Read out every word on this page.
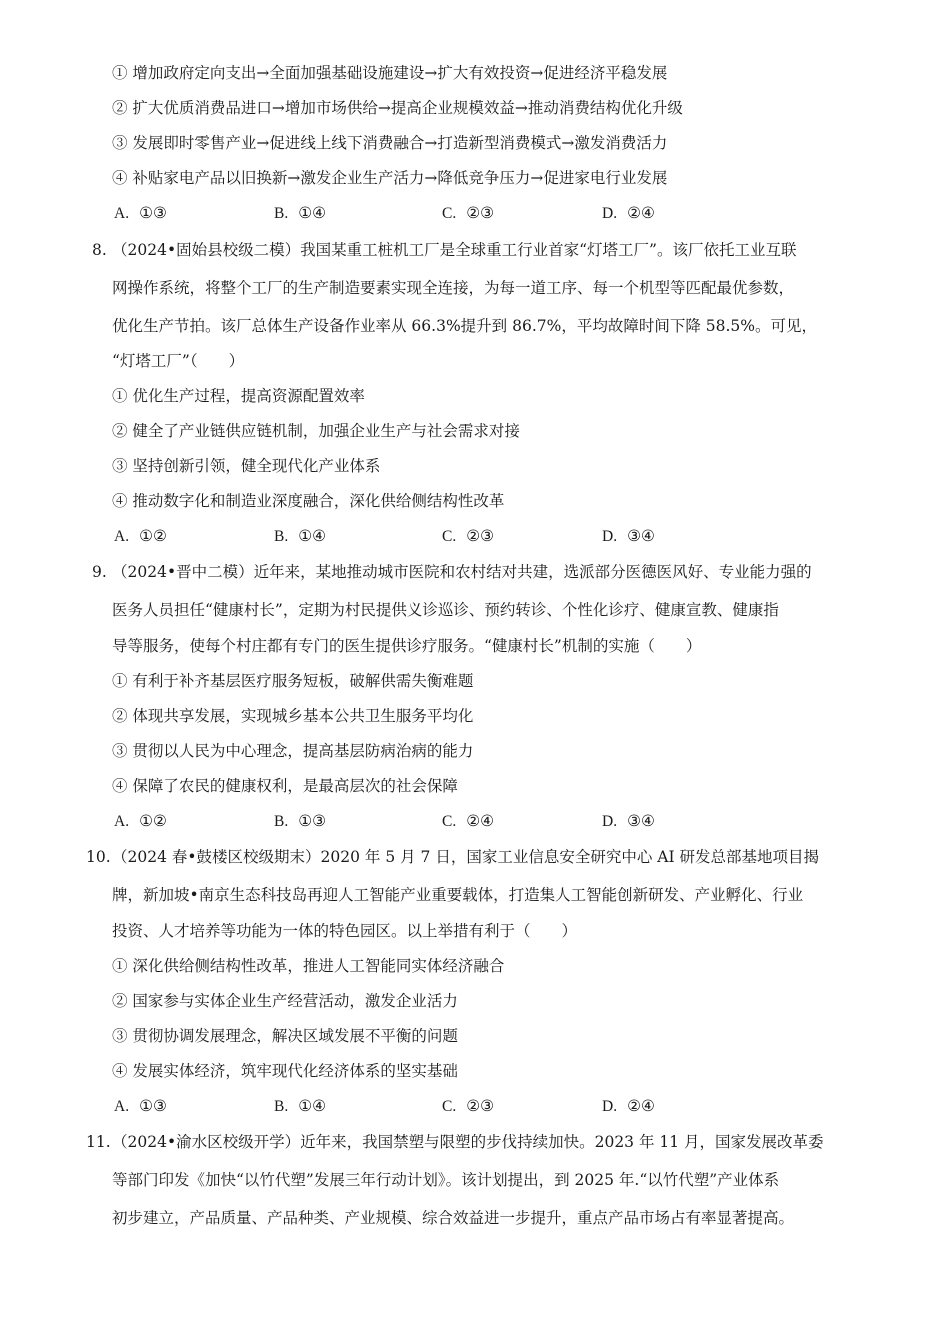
① 增加政府定向支出→全面加强基础设施建设→扩大有效投资→促进经济平稳发展
② 扩大优质消费品进口→增加市场供给→提高企业规模效益→推动消费结构优化升级
③ 发展即时零售产业→促进线上线下消费融合→打造新型消费模式→激发消费活力
④ 补贴家电产品以旧换新→激发企业生产活力→降低竞争压力→促进家电行业发展
A. ①③	B. ①④	C. ②③	D. ②④
8. （2024•固始县校级二模）我国某重工桩机工厂是全球重工行业首家“灯塔工厂”。该厂依托工业互联
网操作系统，将整个工厂的生产制造要素实现全连接，为每一道工序、每一个机型等匹配最优参数，
优化生产节拍。该厂总体生产设备作业率从 66.3%提升到 86.7%，平均故障时间下降 58.5%。可见，
“灯塔工厂”（　　）
① 优化生产过程，提高资源配置效率
② 健全了产业链供应链机制，加强企业生产与社会需求对接
③ 坚持创新引领，健全现代化产业体系
④ 推动数字化和制造业深度融合，深化供给侧结构性改革
A. ①②	B. ①④	C. ②③	D. ③④
9. （2024•晋中二模）近年来，某地推动城市医院和农村结对共建，选派部分医德医风好、专业能力强的
医务人员担任“健康村长”，定期为村民提供义诊巡诊、预约转诊、个性化诊疗、健康宣教、健康指
导等服务，使每个村庄都有专门的医生提供诊疗服务。“健康村长”机制的实施（　　）
① 有利于补齐基层医疗服务短板，破解供需失衡难题
② 体现共享发展，实现城乡基本公共卫生服务平均化
③ 贯彻以人民为中心理念，提高基层防病治病的能力
④ 保障了农民的健康权利，是最高层次的社会保障
A. ①②	B. ①③	C. ②④	D. ③④
10. （2024 春•鼓楼区校级期末）2020 年 5 月 7 日，国家工业信息安全研究中心 AI 研发总部基地项目揭
牌，新加坡•南京生态科技岛再迎人工智能产业重要载体，打造集人工智能创新研发、产业孵化、行业
投资、人才培养等功能为一体的特色园区。以上举措有利于（　　）
① 深化供给侧结构性改革，推进人工智能同实体经济融合
② 国家参与实体企业生产经营活动，激发企业活力
③ 贯彻协调发展理念，解决区域发展不平衡的问题
④ 发展实体经济，筑牢现代化经济体系的坚实基础
A. ①③	B. ①④	C. ②③	D. ②④
11. （2024•渝水区校级开学）近年来，我国禁塑与限塑的步伐持续加快。2023 年 11 月，国家发展改革委
等部门印发《加快“以竹代塑”发展三年行动计划》。该计划提出，到 2025 年.“以竹代塑”产业体系
初步建立，产品质量、产品种类、产业规模、综合效益进一步提升，重点产品市场占有率显著提高。
